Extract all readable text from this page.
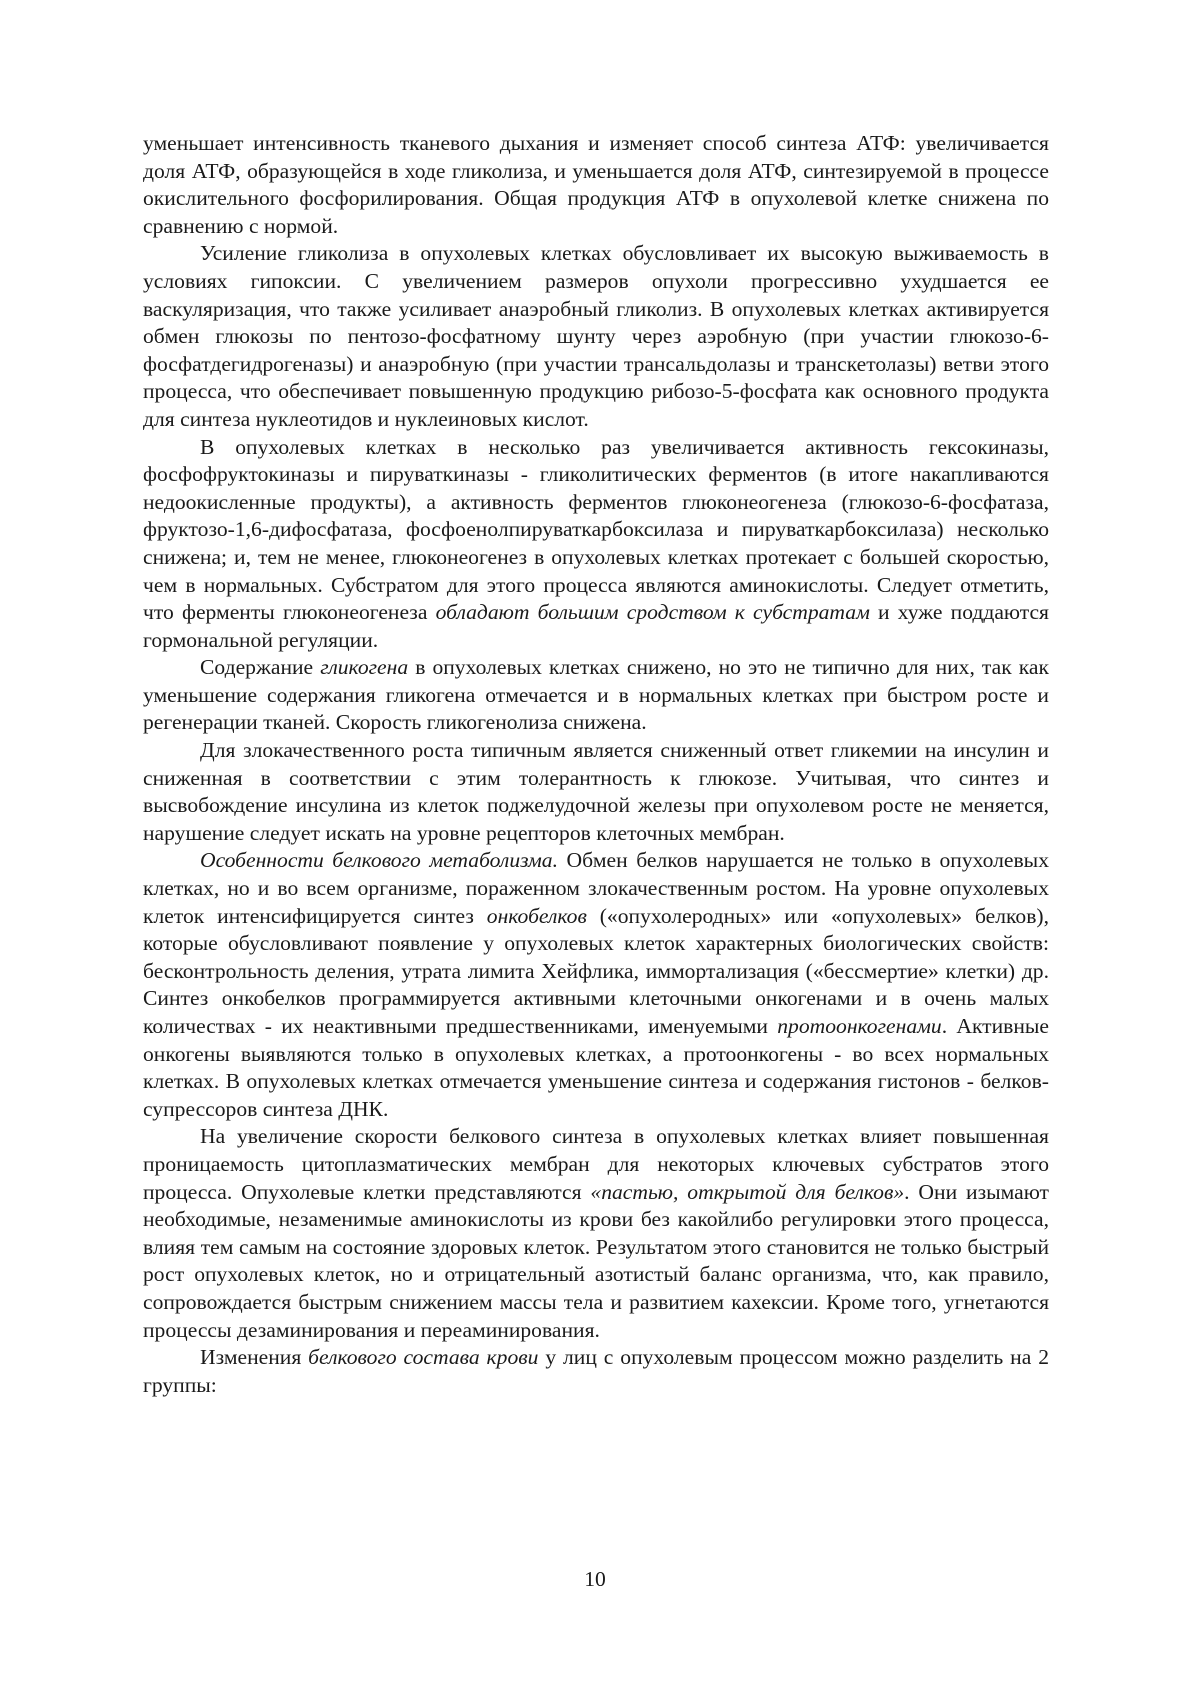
уменьшает интенсивность тканевого дыхания и изменяет способ синтеза АТФ: увеличивается доля АТФ, образующейся в ходе гликолиза, и уменьшается доля АТФ, синтезируемой в процессе окислительного фосфорилирования. Общая продукция АТФ в опухолевой клетке снижена по сравнению с нормой.

Усиление гликолиза в опухолевых клетках обусловливает их высокую выживаемость в условиях гипоксии. С увеличением размеров опухоли прогрессивно ухудшается ее васкуляризация, что также усиливает анаэробный гликолиз. В опухолевых клетках активируется обмен глюкозы по пентозо-фосфатному шунту через аэробную (при участии глюкозо-6-фосфатдегидрогеназы) и анаэробную (при участии трансальдолазы и транскетолазы) ветви этого процесса, что обеспечивает повышенную продукцию рибозо-5-фосфата как основного продукта для синтеза нуклеотидов и нуклеиновых кислот.

В опухолевых клетках в несколько раз увеличивается активность гексокиназы, фосфофруктокиназы и пируваткиназы - гликолитических ферментов (в итоге накапливаются недоокисленные продукты), а активность ферментов глюконеогенеза (глюкозо-6-фосфатаза, фруктозо-1,6-дифосфатаза, фосфоенолпируваткарбоксилаза и пируваткарбоксилаза) несколько снижена; и, тем не менее, глюконеогенез в опухолевых клетках протекает с большей скоростью, чем в нормальных. Субстратом для этого процесса являются аминокислоты. Следует отметить, что ферменты глюконеогенеза обладают большим сродством к субстратам и хуже поддаются гормональной регуляции.

Содержание гликогена в опухолевых клетках снижено, но это не типично для них, так как уменьшение содержания гликогена отмечается и в нормальных клетках при быстром росте и регенерации тканей. Скорость гликогенолиза снижена.

Для злокачественного роста типичным является сниженный ответ гликемии на инсулин и сниженная в соответствии с этим толерантность к глюкозе. Учитывая, что синтез и высвобождение инсулина из клеток поджелудочной железы при опухолевом росте не меняется, нарушение следует искать на уровне рецепторов клеточных мембран.

Особенности белкового метаболизма. Обмен белков нарушается не только в опухолевых клетках, но и во всем организме, пораженном злокачественным ростом. На уровне опухолевых клеток интенсифицируется синтез онкобелков («опухолеродных» или «опухолевых» белков), которые обусловливают появление у опухолевых клеток характерных биологических свойств: бесконтрольность деления, утрата лимита Хейфлика, иммортализация («бессмертие» клетки) др. Синтез онкобелков программируется активными клеточными онкогенами и в очень малых количествах - их неактивными предшественниками, именуемыми протоонкогенами. Активные онкогены выявляются только в опухолевых клетках, а протоонкогены - во всех нормальных клетках. В опухолевых клетках отмечается уменьшение синтеза и содержания гистонов - белков-супрессоров синтеза ДНК.

На увеличение скорости белкового синтеза в опухолевых клетках влияет повышенная проницаемость цитоплазматических мембран для некоторых ключевых субстратов этого процесса. Опухолевые клетки представляются «пастью, открытой для белков». Они изымают необходимые, незаменимые аминокислоты из крови без какойлибо регулировки этого процесса, влияя тем самым на состояние здоровых клеток. Результатом этого становится не только быстрый рост опухолевых клеток, но и отрицательный азотистый баланс организма, что, как правило, сопровождается быстрым снижением массы тела и развитием кахексии. Кроме того, угнетаются процессы дезаминирования и переаминирования.

Изменения белкового состава крови у лиц с опухолевым процессом можно разделить на 2 группы:

10
